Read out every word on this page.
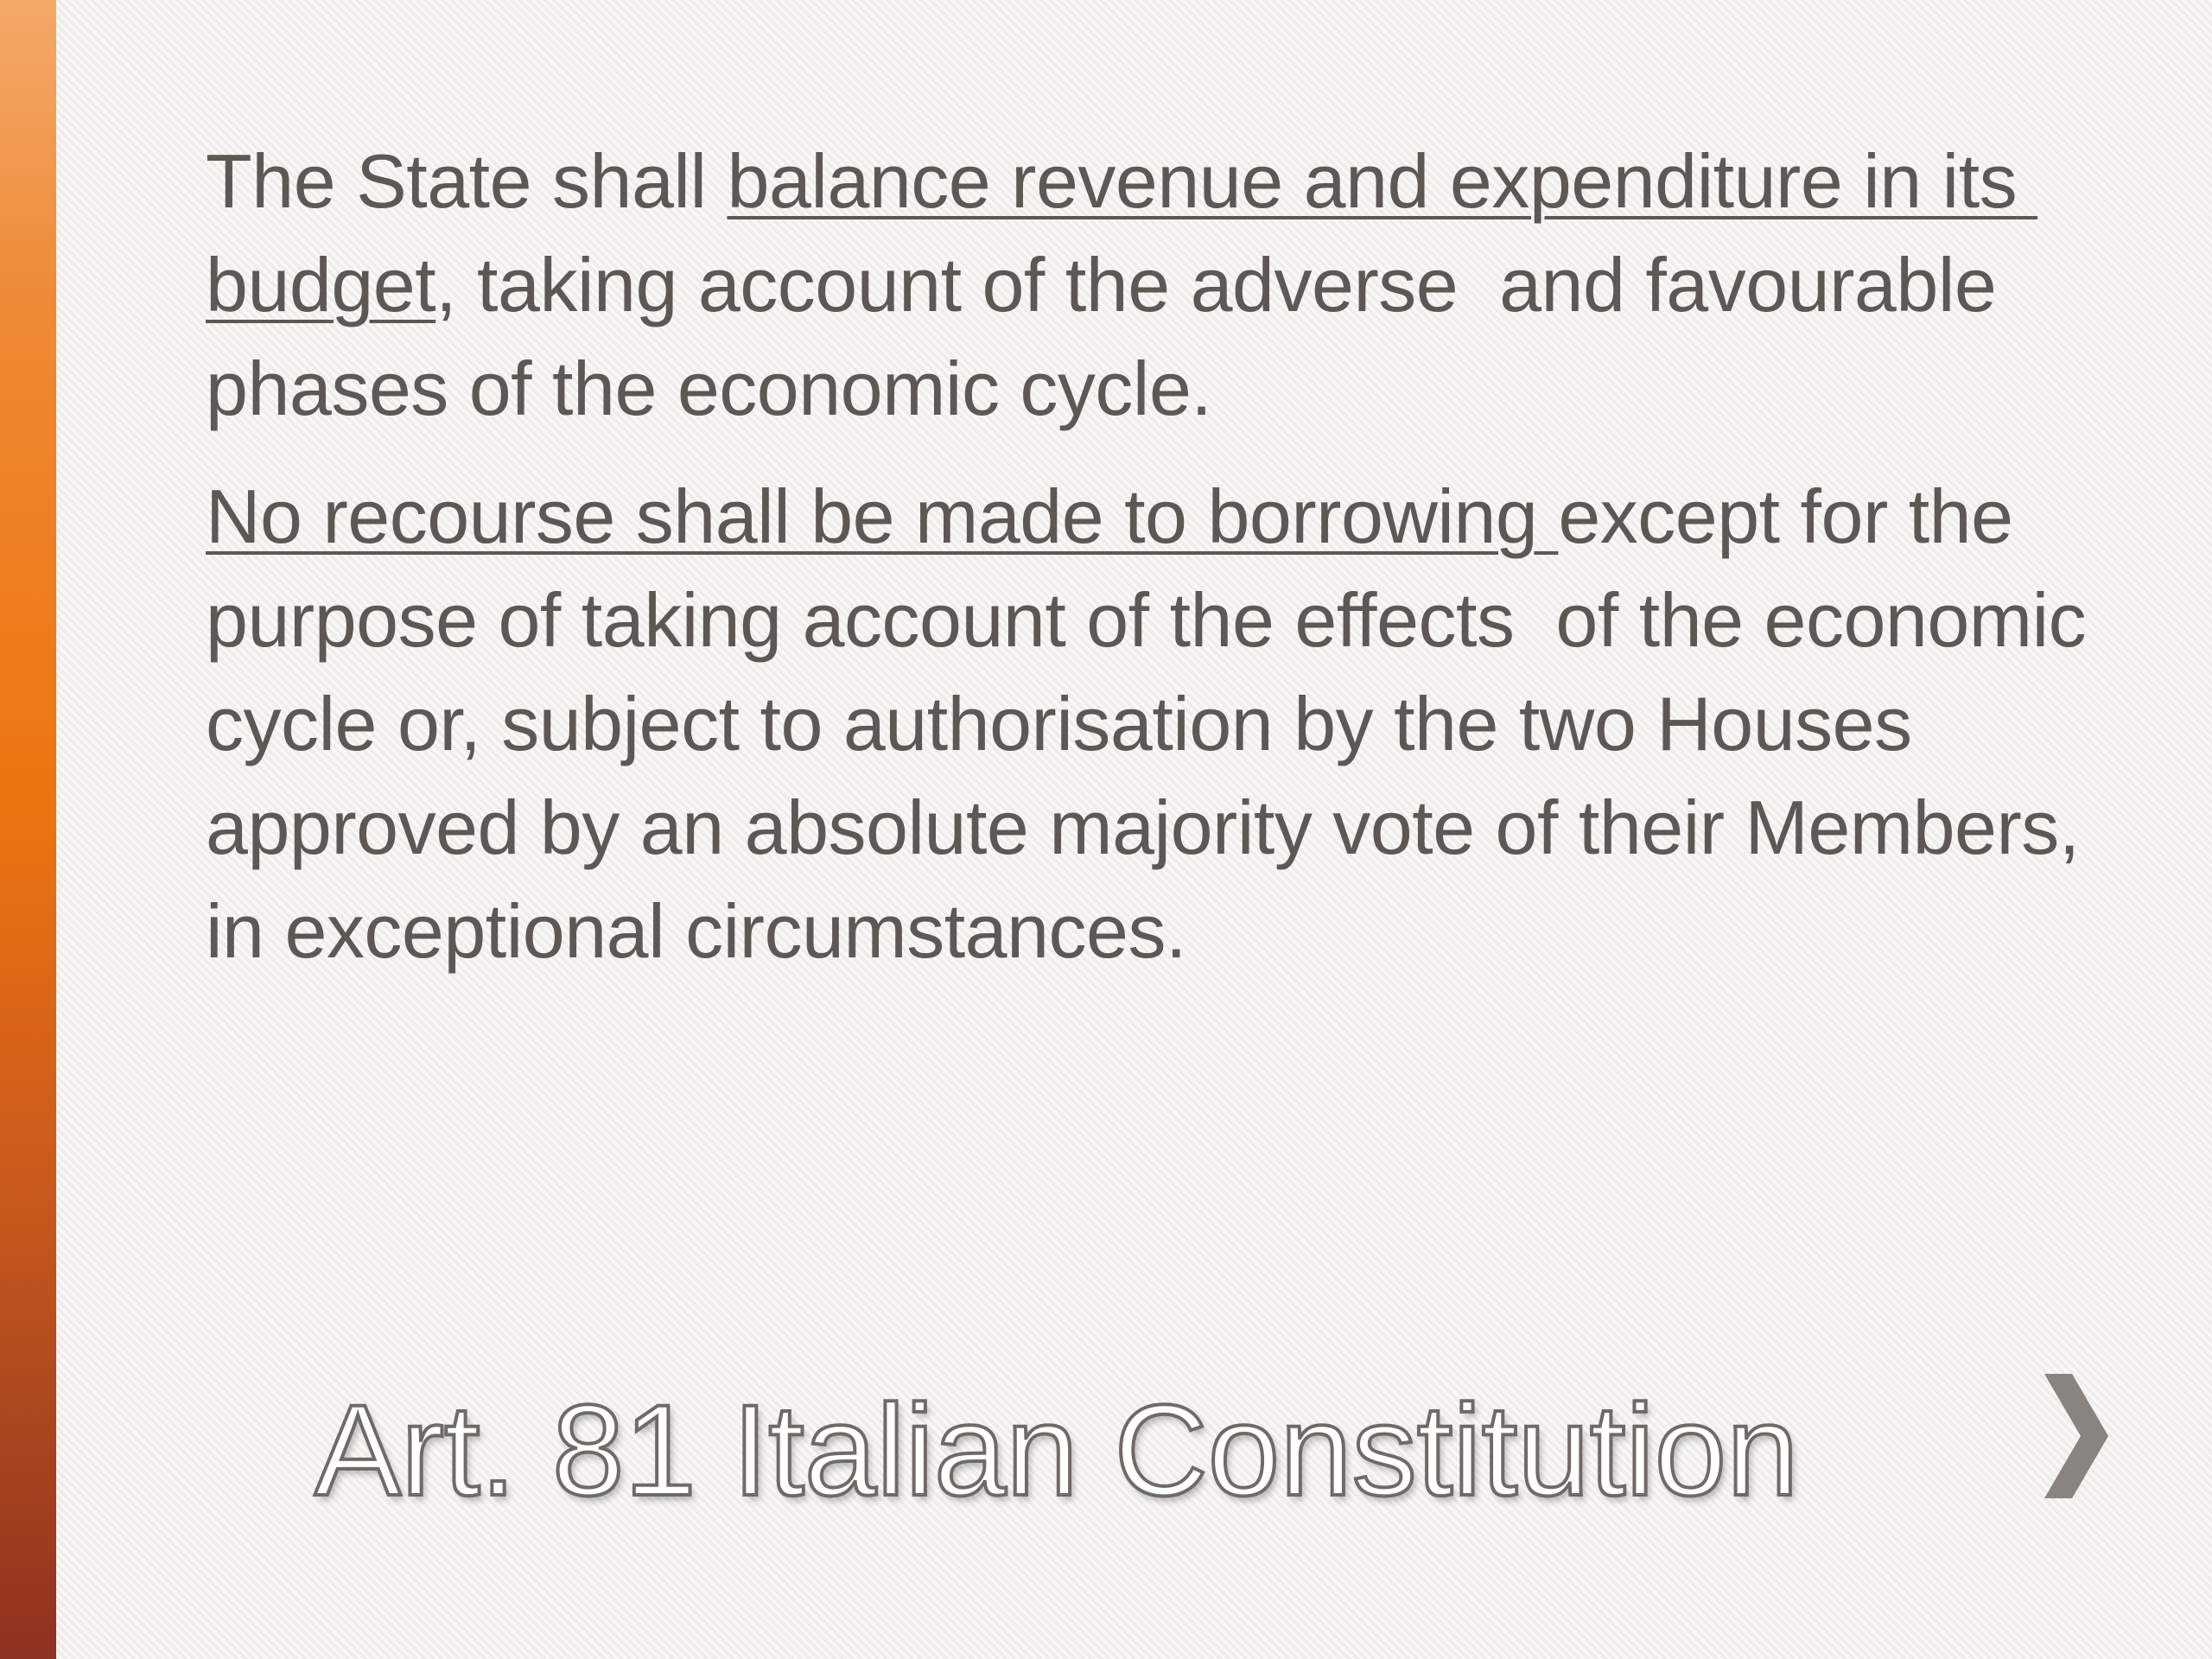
The State shall balance revenue and expenditure in its budget, taking account of the adverse  and favourable phases of the economic cycle.

No recourse shall be made to borrowing except for the purpose of taking account of the effects  of the economic cycle or, subject to authorisation by the two Houses approved by an absolute majority vote of their Members, in exceptional circumstances.

Art. 81 Italian Constitution
